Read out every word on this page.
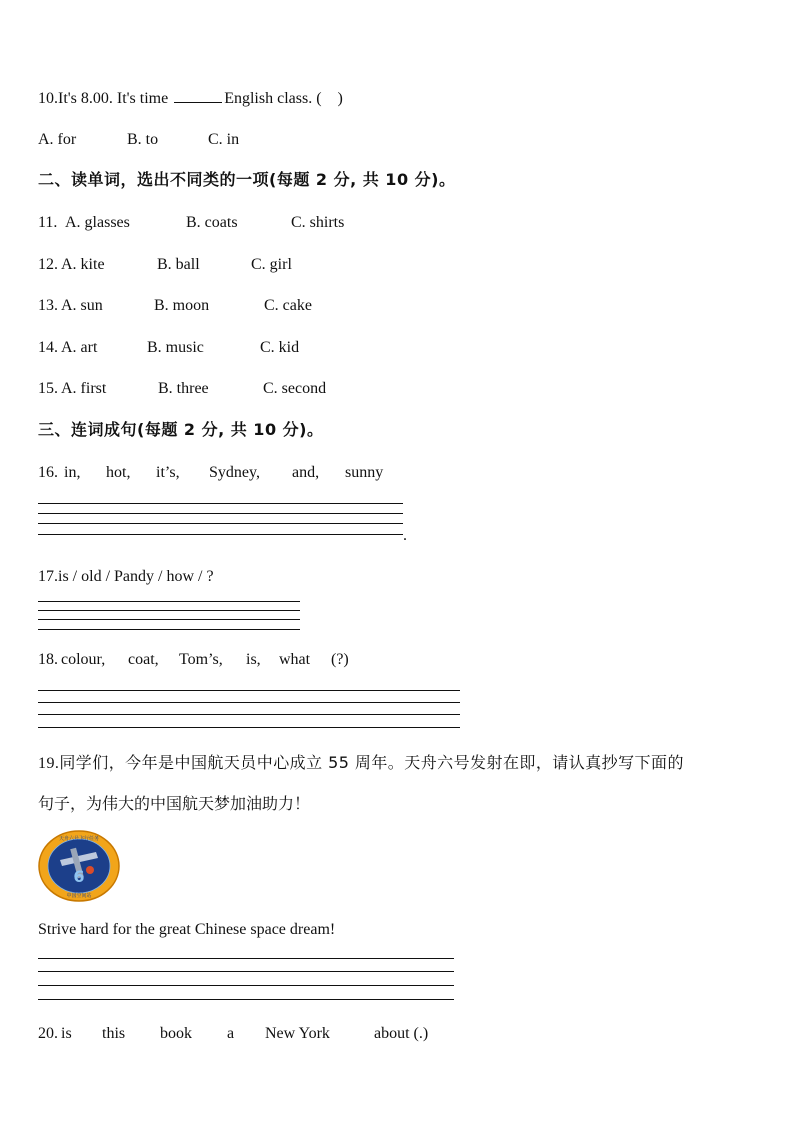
10.It's 8.00. It's time	English class. ( )
A. for	B. to	C. in
二、读单词，选出不同类的一项(每题 2 分, 共 10 分)。
11. A. glasses	B. coats	C. shirts
12. A. kite	B. ball	C. girl
13. A. sun	B. moon	C. cake
14. A. art	B. music	C. kid
15. A. first	B. three	C. second
三、连词成句(每题 2 分, 共 10 分)。
16. in, hot, it’s, Sydney, and, sunny
.
17.is / old / Pandy / how / ?
18. colour, coat, Tom’s, is, what (?)
19.同学们，今年是中国航天员中心成立 55 周年。天舟六号发射在即，请认真抄写下面的
句子，为伟大的中国航天梦加油助力！
6
天舟六号飞行任务
中国空间站
Strive hard for the great Chinese space dream!
20. is this book a New York	about (.)
